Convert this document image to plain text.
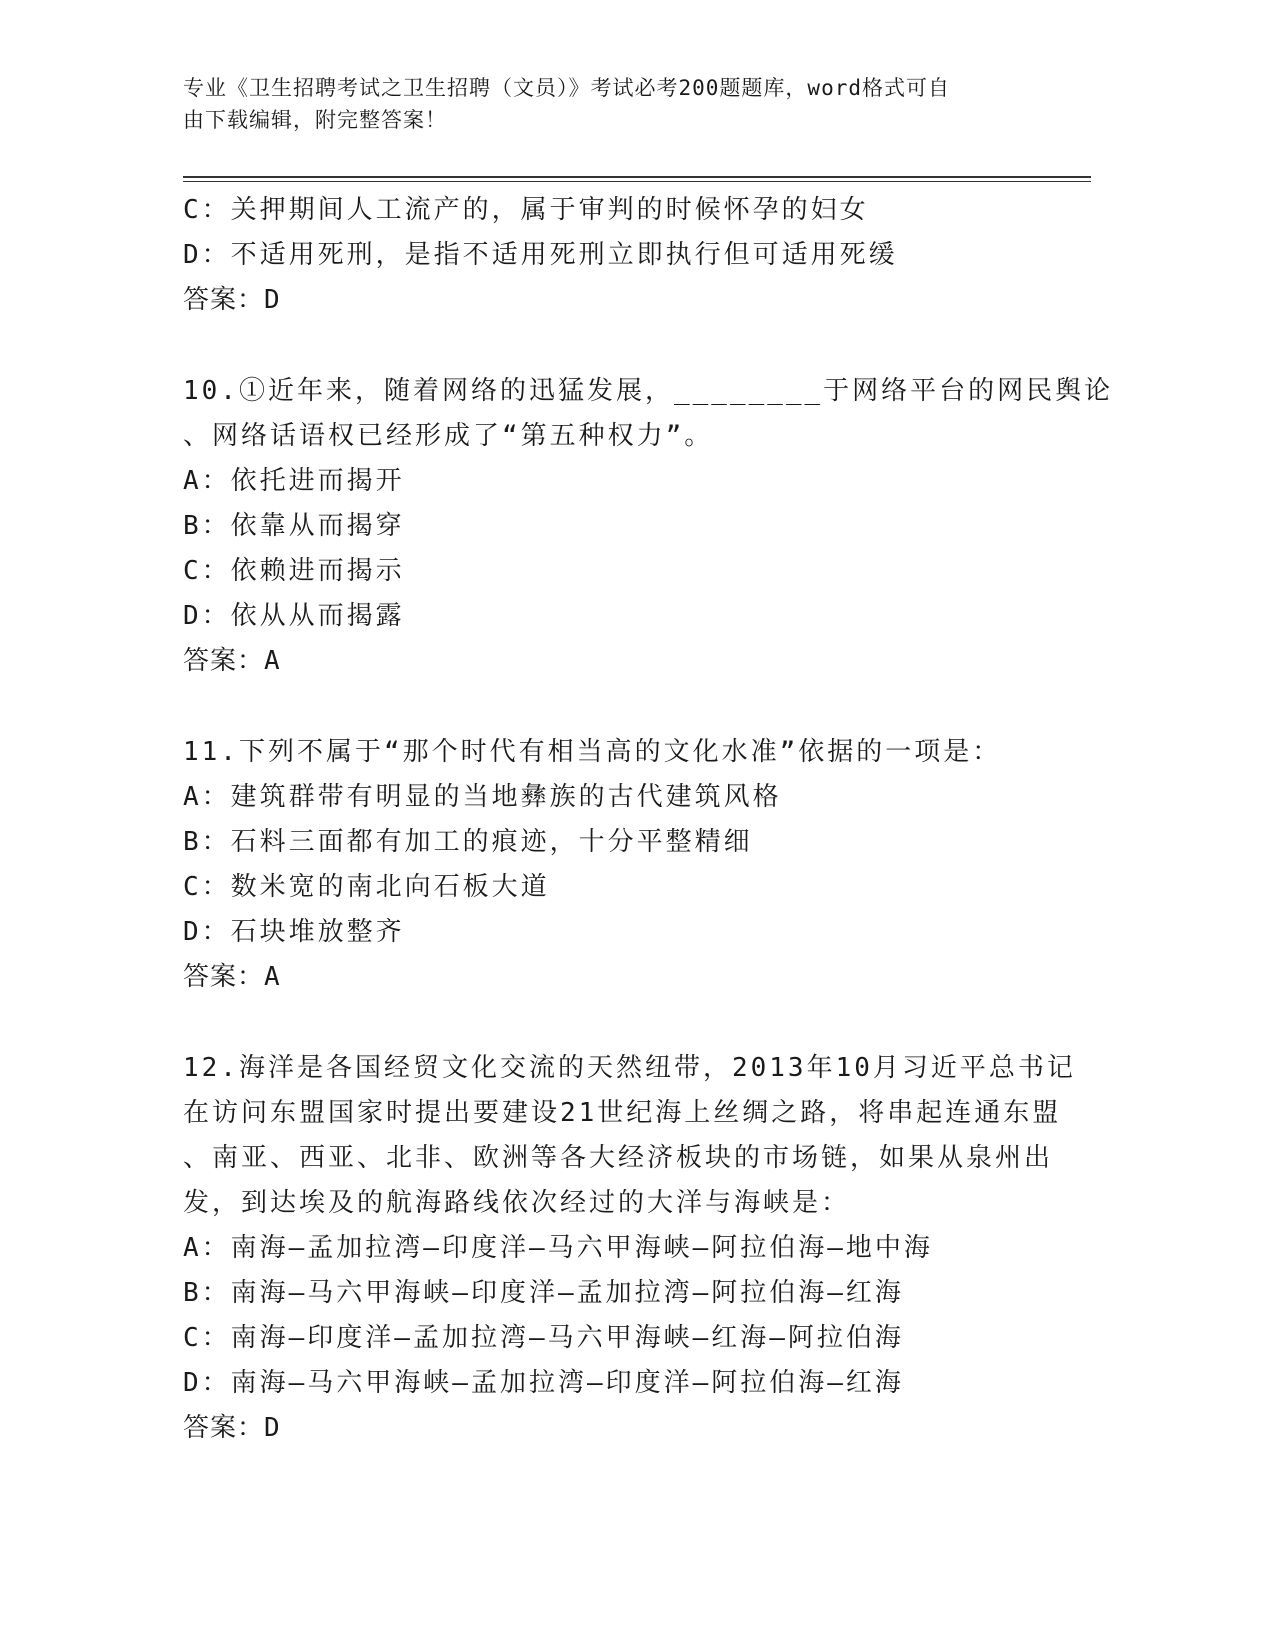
专业《卫生招聘考试之卫生招聘（文员）》考试必考200题题库，word格式可自
由下载编辑，附完整答案！
C：关押期间人工流产的，属于审判的时候怀孕的妇女
D：不适用死刑，是指不适用死刑立即执行但可适用死缓
答案：D
10.①近年来，随着网络的迅猛发展，________于网络平台的网民舆论
、网络话语权已经形成了“第五种权力”。
A：依托进而揭开
B：依靠从而揭穿
C：依赖进而揭示
D：依从从而揭露
答案：A
11.下列不属于“那个时代有相当高的文化水准”依据的一项是：
A：建筑群带有明显的当地彝族的古代建筑风格
B：石料三面都有加工的痕迹，十分平整精细
C：数米宽的南北向石板大道
D：石块堆放整齐
答案：A
12.海洋是各国经贸文化交流的天然纽带，2013年10月习近平总书记
在访问东盟国家时提出要建设21世纪海上丝绸之路，将串起连通东盟
、南亚、西亚、北非、欧洲等各大经济板块的市场链，如果从泉州出
发，到达埃及的航海路线依次经过的大洋与海峡是：
A：南海—孟加拉湾—印度洋—马六甲海峡—阿拉伯海—地中海
B：南海—马六甲海峡—印度洋—孟加拉湾—阿拉伯海—红海
C：南海—印度洋—孟加拉湾—马六甲海峡—红海—阿拉伯海
D：南海—马六甲海峡—孟加拉湾—印度洋—阿拉伯海—红海
答案：D
